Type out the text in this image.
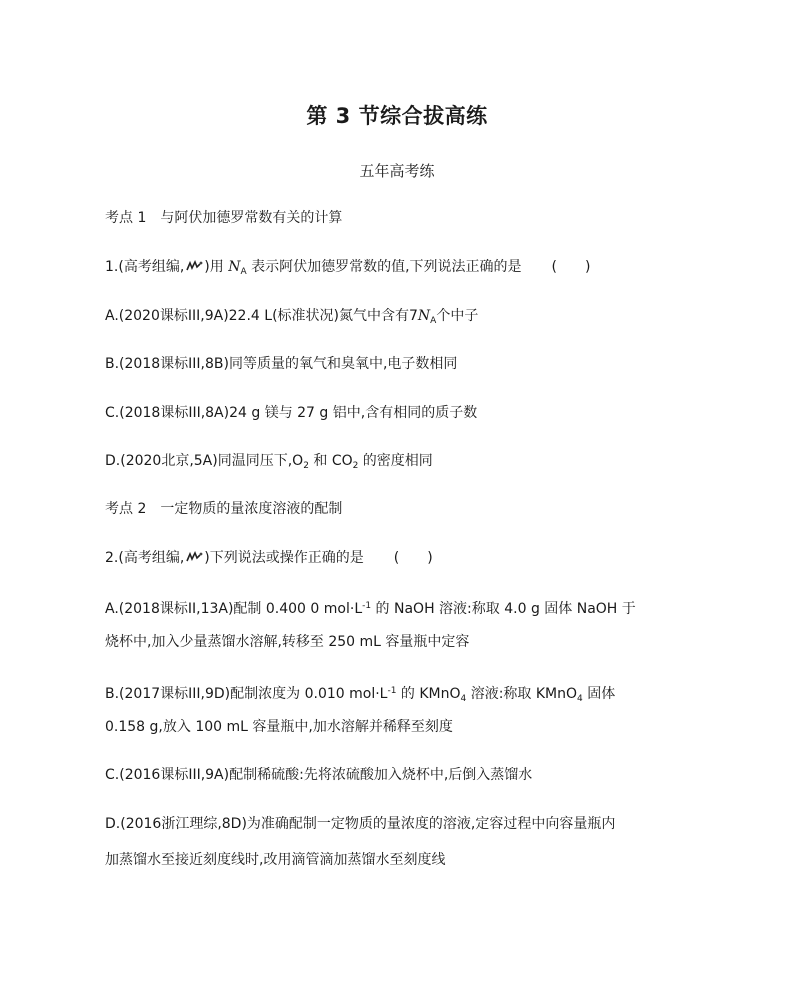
第 3 节综合拔高练
五年高考练
考点 1　与阿伏加德罗常数有关的计算
1.(高考组编, )用 $N_A$ 表示阿伏加德罗常数的值,下列说法正确的是 (　　)
A.(2020课标III,9A)22.4 L(标准状况)氮气中含有$7N_A$个中子
B.(2018课标III,8B)同等质量的氧气和臭氧中,电子数相同
C.(2018课标III,8A)24 g 镁与 27 g 铝中,含有相同的质子数
D.(2020北京,5A)同温同压下$,O_2$ 和 $CO_2$ 的密度相同
考点 2　一定物质的量浓度溶液的配制
2.(高考组编, )下列说法或操作正确的是 (　　)
A.(2018课标II,13A)配制 0.400 0 $mol\cdot L^{-1}$ 的 NaOH 溶液:称取 4.0 g 固体 NaOH 于
烧杯中,加入少量蒸馏水溶解,转移至 250 mL 容量瓶中定容
B.(2017课标III,9D)配制浓度为 0.010 $mol\cdot L^{-1}$ 的 KMnO$_4$ 溶液:称取 KMnO$_4$ 固体
0.158 g,放入 100 mL 容量瓶中,加水溶解并稀释至刻度
C.(2016课标III,9A)配制稀硫酸:先将浓硫酸加入烧杯中,后倒入蒸馏水
D.(2016浙江理综,8D)为准确配制一定物质的量浓度的溶液,定容过程中向容量瓶内
加蒸馏水至接近刻度线时,改用滴管滴加蒸馏水至刻度线
